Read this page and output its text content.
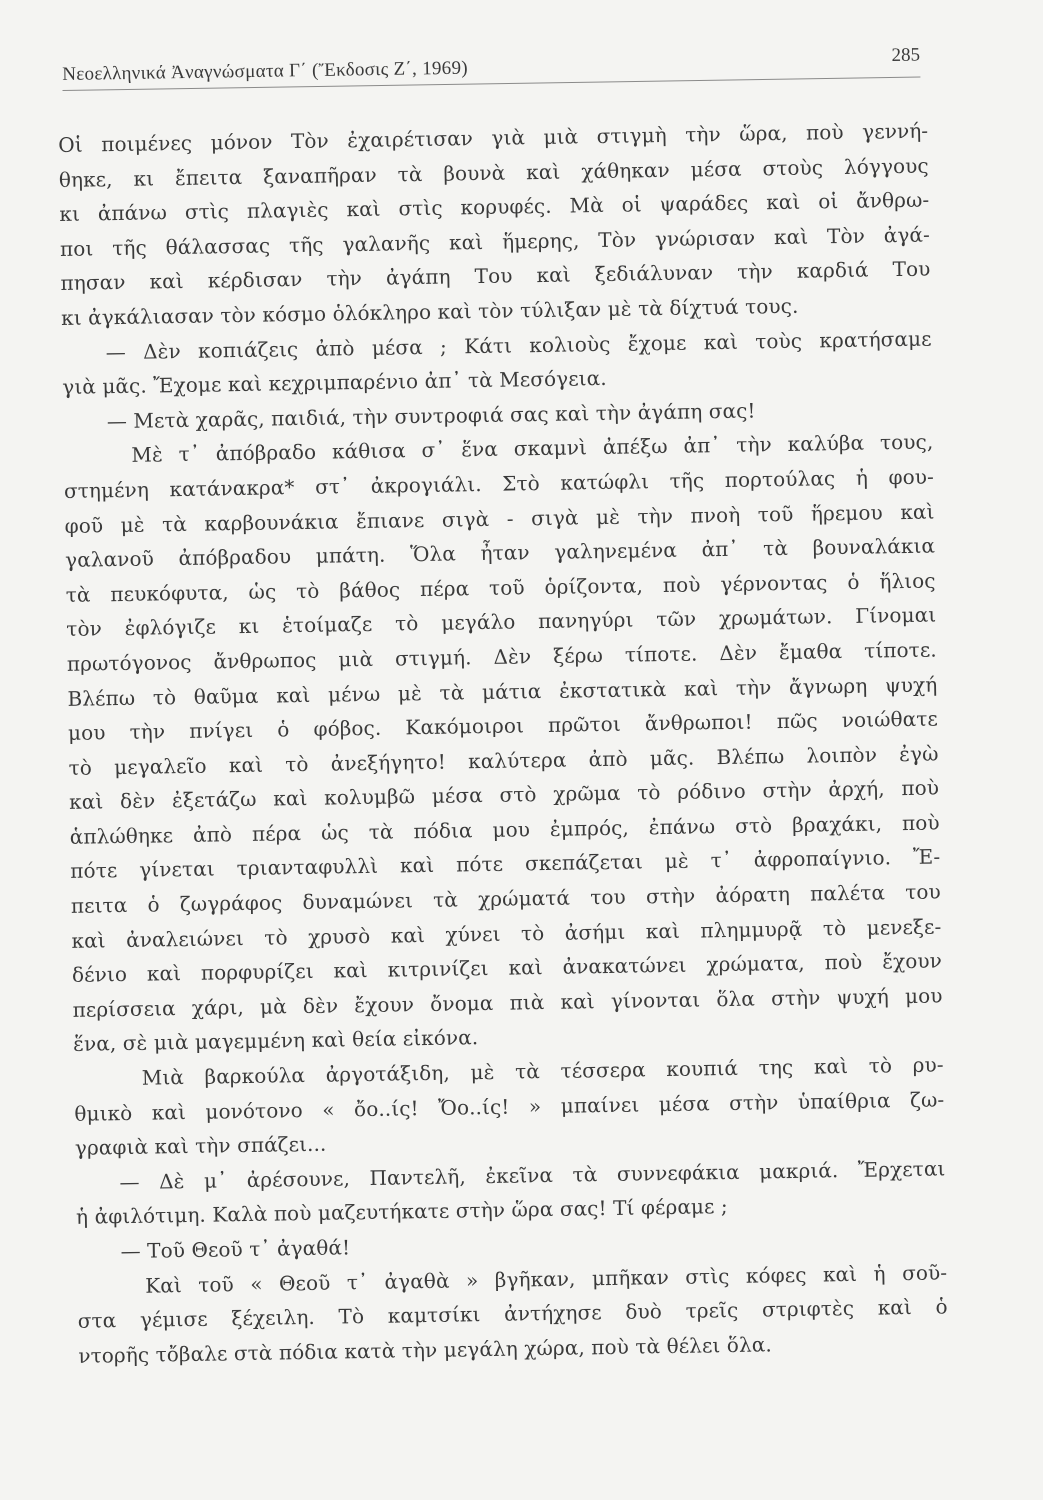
Νεοελληνικά Ἀναγνώσματα Γ΄ (Ἔκδοσις Ζ΄, 1969)
285
Οἱ ποιμένες μόνον Τὸν ἐχαιρέτισαν γιὰ μιὰ στιγμὴ τὴν ὥρα, ποὺ γεννή-
θηκε, κι ἔπειτα ξαναπῆραν τὰ βουνὰ καὶ χάθηκαν μέσα στοὺς λόγγους
κι ἀπάνω στὶς πλαγιὲς καὶ στὶς κορυφές. Μὰ οἱ ψαράδες καὶ οἱ ἄνθρω-
ποι τῆς θάλασσας τῆς γαλανῆς καὶ ἥμερης, Τὸν γνώρισαν καὶ Τὸν ἀγά-
πησαν καὶ κέρδισαν τὴν ἀγάπη Του καὶ ξεδιάλυναν τὴν καρδιά Του
κι ἀγκάλιασαν τὸν κόσμο ὁλόκληρο καὶ τὸν τύλιξαν μὲ τὰ δίχτυά τους.
— Δὲν κοπιάζεις ἀπὸ μέσα ; Κάτι κολιοὺς ἔχομε καὶ τοὺς κρατήσαμε
γιὰ μᾶς. Ἔχομε καὶ κεχριμπαρένιο ἀπ᾽ τὰ Μεσόγεια.
— Μετὰ χαρᾶς, παιδιά, τὴν συντροφιά σας καὶ τὴν ἀγάπη σας!
Μὲ τ᾽ ἀπόβραδο κάθισα σ᾽ ἕνα σκαμνὶ ἀπέξω ἀπ᾽ τὴν καλύβα τους,
στημένη κατάνακρα* στ᾽ ἀκρογιάλι. Στὸ κατώφλι τῆς πορτούλας ἡ φου-
φοῦ μὲ τὰ καρβουνάκια ἔπιανε σιγὰ - σιγὰ μὲ τὴν πνοὴ τοῦ ἥρεμου καὶ
γαλανοῦ ἀπόβραδου μπάτη. Ὅλα ἦταν γαληνεμένα ἀπ᾽ τὰ βουναλάκια
τὰ πευκόφυτα, ὡς τὸ βάθος πέρα τοῦ ὁρίζοντα, ποὺ γέρνοντας ὁ ἥλιος
τὸν ἐφλόγιζε κι ἑτοίμαζε τὸ μεγάλο πανηγύρι τῶν χρωμάτων. Γίνομαι
πρωτόγονος ἄνθρωπος μιὰ στιγμή. Δὲν ξέρω τίποτε. Δὲν ἔμαθα τίποτε.
Βλέπω τὸ θαῦμα καὶ μένω μὲ τὰ μάτια ἐκστατικὰ καὶ τὴν ἄγνωρη ψυχή
μου τὴν πνίγει ὁ φόβος. Κακόμοιροι πρῶτοι ἄνθρωποι! πῶς νοιώθατε
τὸ μεγαλεῖο καὶ τὸ ἀνεξήγητο! καλύτερα ἀπὸ μᾶς. Βλέπω λοιπὸν ἐγὼ
καὶ δὲν ἐξετάζω καὶ κολυμβῶ μέσα στὸ χρῶμα τὸ ρόδινο στὴν ἀρχή, ποὺ
ἁπλώθηκε ἀπὸ πέρα ὡς τὰ πόδια μου ἐμπρός, ἐπάνω στὸ βραχάκι, ποὺ
πότε γίνεται τριανταφυλλὶ καὶ πότε σκεπάζεται μὲ τ᾽ ἀφροπαίγνιο. Ἔ-
πειτα ὁ ζωγράφος δυναμώνει τὰ χρώματά του στὴν ἀόρατη παλέτα του
καὶ ἀναλειώνει τὸ χρυσὸ καὶ χύνει τὸ ἀσήμι καὶ πλημμυρᾷ τὸ μενεξε-
δένιο καὶ πορφυρίζει καὶ κιτρινίζει καὶ ἀνακατώνει χρώματα, ποὺ ἔχουν
περίσσεια χάρι, μὰ δὲν ἔχουν ὄνομα πιὰ καὶ γίνονται ὅλα στὴν ψυχή μου
ἕνα, σὲ μιὰ μαγεμμένη καὶ θεία εἰκόνα.
Μιὰ βαρκούλα ἀργοτάξιδη, μὲ τὰ τέσσερα κουπιά της καὶ τὸ ρυ-
θμικὸ καὶ μονότονο « ὄο..ίς! Ὄο..ίς! » μπαίνει μέσα στὴν ὑπαίθρια ζω-
γραφιὰ καὶ τὴν σπάζει...
— Δὲ μ᾽ ἀρέσουνε, Παντελῆ, ἐκεῖνα τὰ συννεφάκια μακριά. Ἔρχεται
ἡ ἀφιλότιμη. Καλὰ ποὺ μαζευτήκατε στὴν ὥρα σας! Τί φέραμε ;
— Τοῦ Θεοῦ τ᾽ ἀγαθά!
Καὶ τοῦ « Θεοῦ τ᾽ ἀγαθὰ » βγῆκαν, μπῆκαν στὶς κόφες καὶ ἡ σοῦ-
στα γέμισε ξέχειλη. Τὸ καμτσίκι ἀντήχησε δυὸ τρεῖς στριφτὲς καὶ ὁ
ντορῆς τὄβαλε στὰ πόδια κατὰ τὴν μεγάλη χώρα, ποὺ τὰ θέλει ὅλα.
